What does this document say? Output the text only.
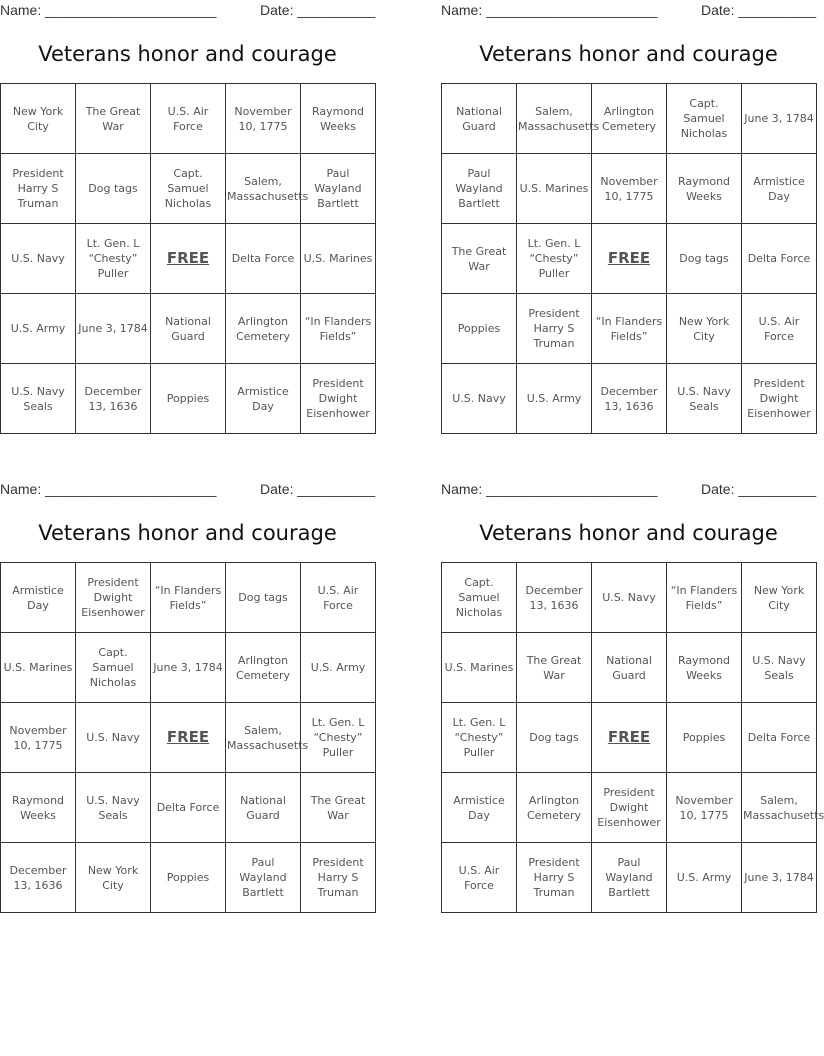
Name: ______________________	Date: __________
Veterans honor and courage
New York City	The Great War	U.S. Air Force	November 10, 1775	Raymond Weeks
President Harry S Truman	Dog tags	Capt. Samuel Nicholas	Salem, Massachusetts	Paul Wayland Bartlett
U.S. Navy	Lt. Gen. L “Chesty” Puller	FREE	Delta Force	U.S. Marines
U.S. Army	June 3, 1784	National Guard	Arlington Cemetery	“In Flanders Fields”
U.S. Navy Seals	December 13, 1636	Poppies	Armistice Day	President Dwight Eisenhower
Name: ______________________	Date: __________
Veterans honor and courage
National Guard	Salem, Massachusetts	Arlington Cemetery	Capt. Samuel Nicholas	June 3, 1784
Paul Wayland Bartlett	U.S. Marines	November 10, 1775	Raymond Weeks	Armistice Day
The Great War	Lt. Gen. L “Chesty” Puller	FREE	Dog tags	Delta Force
Poppies	President Harry S Truman	“In Flanders Fields”	New York City	U.S. Air Force
U.S. Navy	U.S. Army	December 13, 1636	U.S. Navy Seals	President Dwight Eisenhower
Name: ______________________	Date: __________
Veterans honor and courage
Armistice Day	President Dwight Eisenhower	“In Flanders Fields”	Dog tags	U.S. Air Force
U.S. Marines	Capt. Samuel Nicholas	June 3, 1784	Arlington Cemetery	U.S. Army
November 10, 1775	U.S. Navy	FREE	Salem, Massachusetts	Lt. Gen. L “Chesty” Puller
Raymond Weeks	U.S. Navy Seals	Delta Force	National Guard	The Great War
December 13, 1636	New York City	Poppies	Paul Wayland Bartlett	President Harry S Truman
Name: ______________________	Date: __________
Veterans honor and courage
Capt. Samuel Nicholas	December 13, 1636	U.S. Navy	“In Flanders Fields”	New York City
U.S. Marines	The Great War	National Guard	Raymond Weeks	U.S. Navy Seals
Lt. Gen. L “Chesty” Puller	Dog tags	FREE	Poppies	Delta Force
Armistice Day	Arlington Cemetery	President Dwight Eisenhower	November 10, 1775	Salem, Massachusetts
U.S. Air Force	President Harry S Truman	Paul Wayland Bartlett	U.S. Army	June 3, 1784
